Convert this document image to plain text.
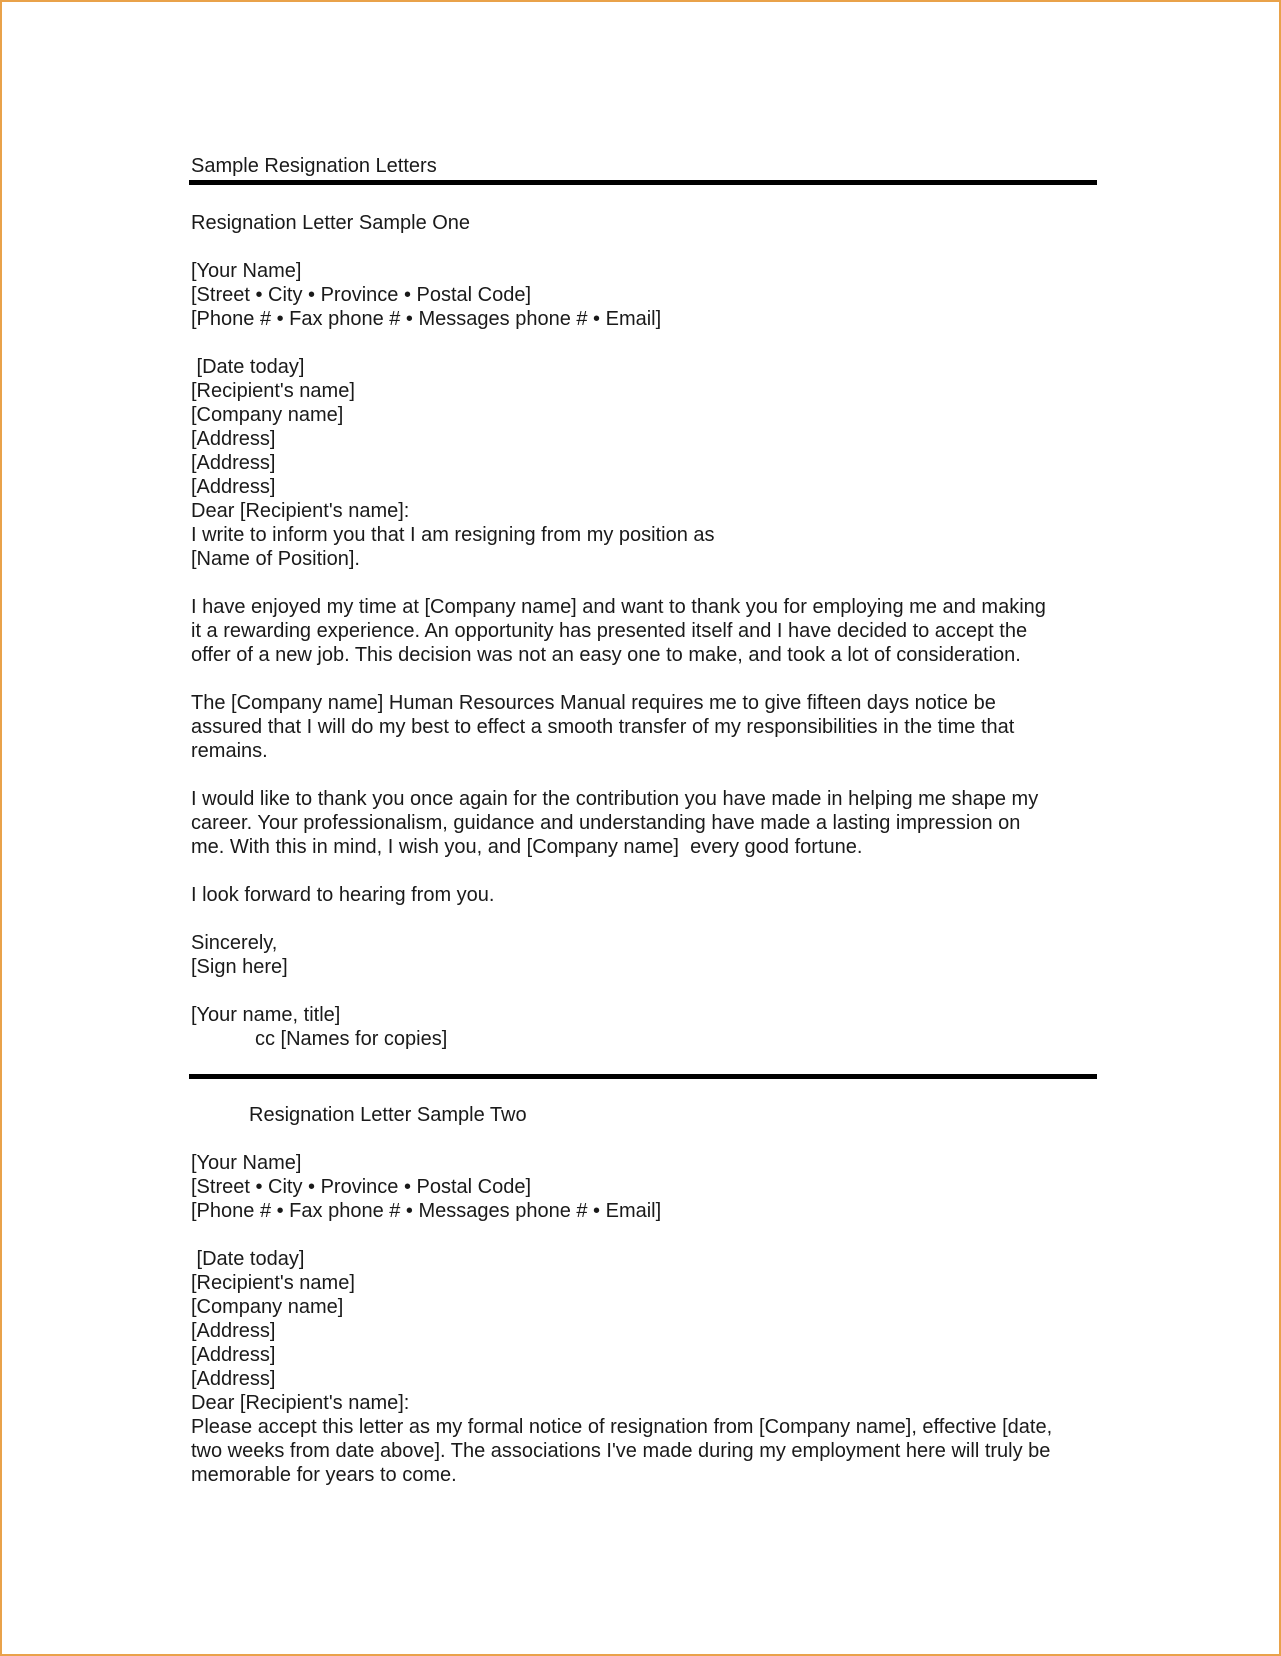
Sample Resignation Letters
Resignation Letter Sample One
[Your Name]
[Street • City • Province • Postal Code]
[Phone # • Fax phone # • Messages phone # • Email]
[Date today]
[Recipient's name]
[Company name]
[Address]
[Address]
[Address]
Dear [Recipient's name]:
I write to inform you that I am resigning from my position as
[Name of Position].
I have enjoyed my time at [Company name] and want to thank you for employing me and making
it a rewarding experience. An opportunity has presented itself and I have decided to accept the
offer of a new job. This decision was not an easy one to make, and took a lot of consideration.
The [Company name] Human Resources Manual requires me to give fifteen days notice be
assured that I will do my best to effect a smooth transfer of my responsibilities in the time that
remains.
I would like to thank you once again for the contribution you have made in helping me shape my
career. Your professionalism, guidance and understanding have made a lasting impression on
me. With this in mind, I wish you, and [Company name]  every good fortune.
I look forward to hearing from you.
Sincerely,
[Sign here]
[Your name, title]
cc [Names for copies]
Resignation Letter Sample Two
[Your Name]
[Street • City • Province • Postal Code]
[Phone # • Fax phone # • Messages phone # • Email]
[Date today]
[Recipient's name]
[Company name]
[Address]
[Address]
[Address]
Dear [Recipient's name]:
Please accept this letter as my formal notice of resignation from [Company name], effective [date,
two weeks from date above]. The associations I've made during my employment here will truly be
memorable for years to come.
